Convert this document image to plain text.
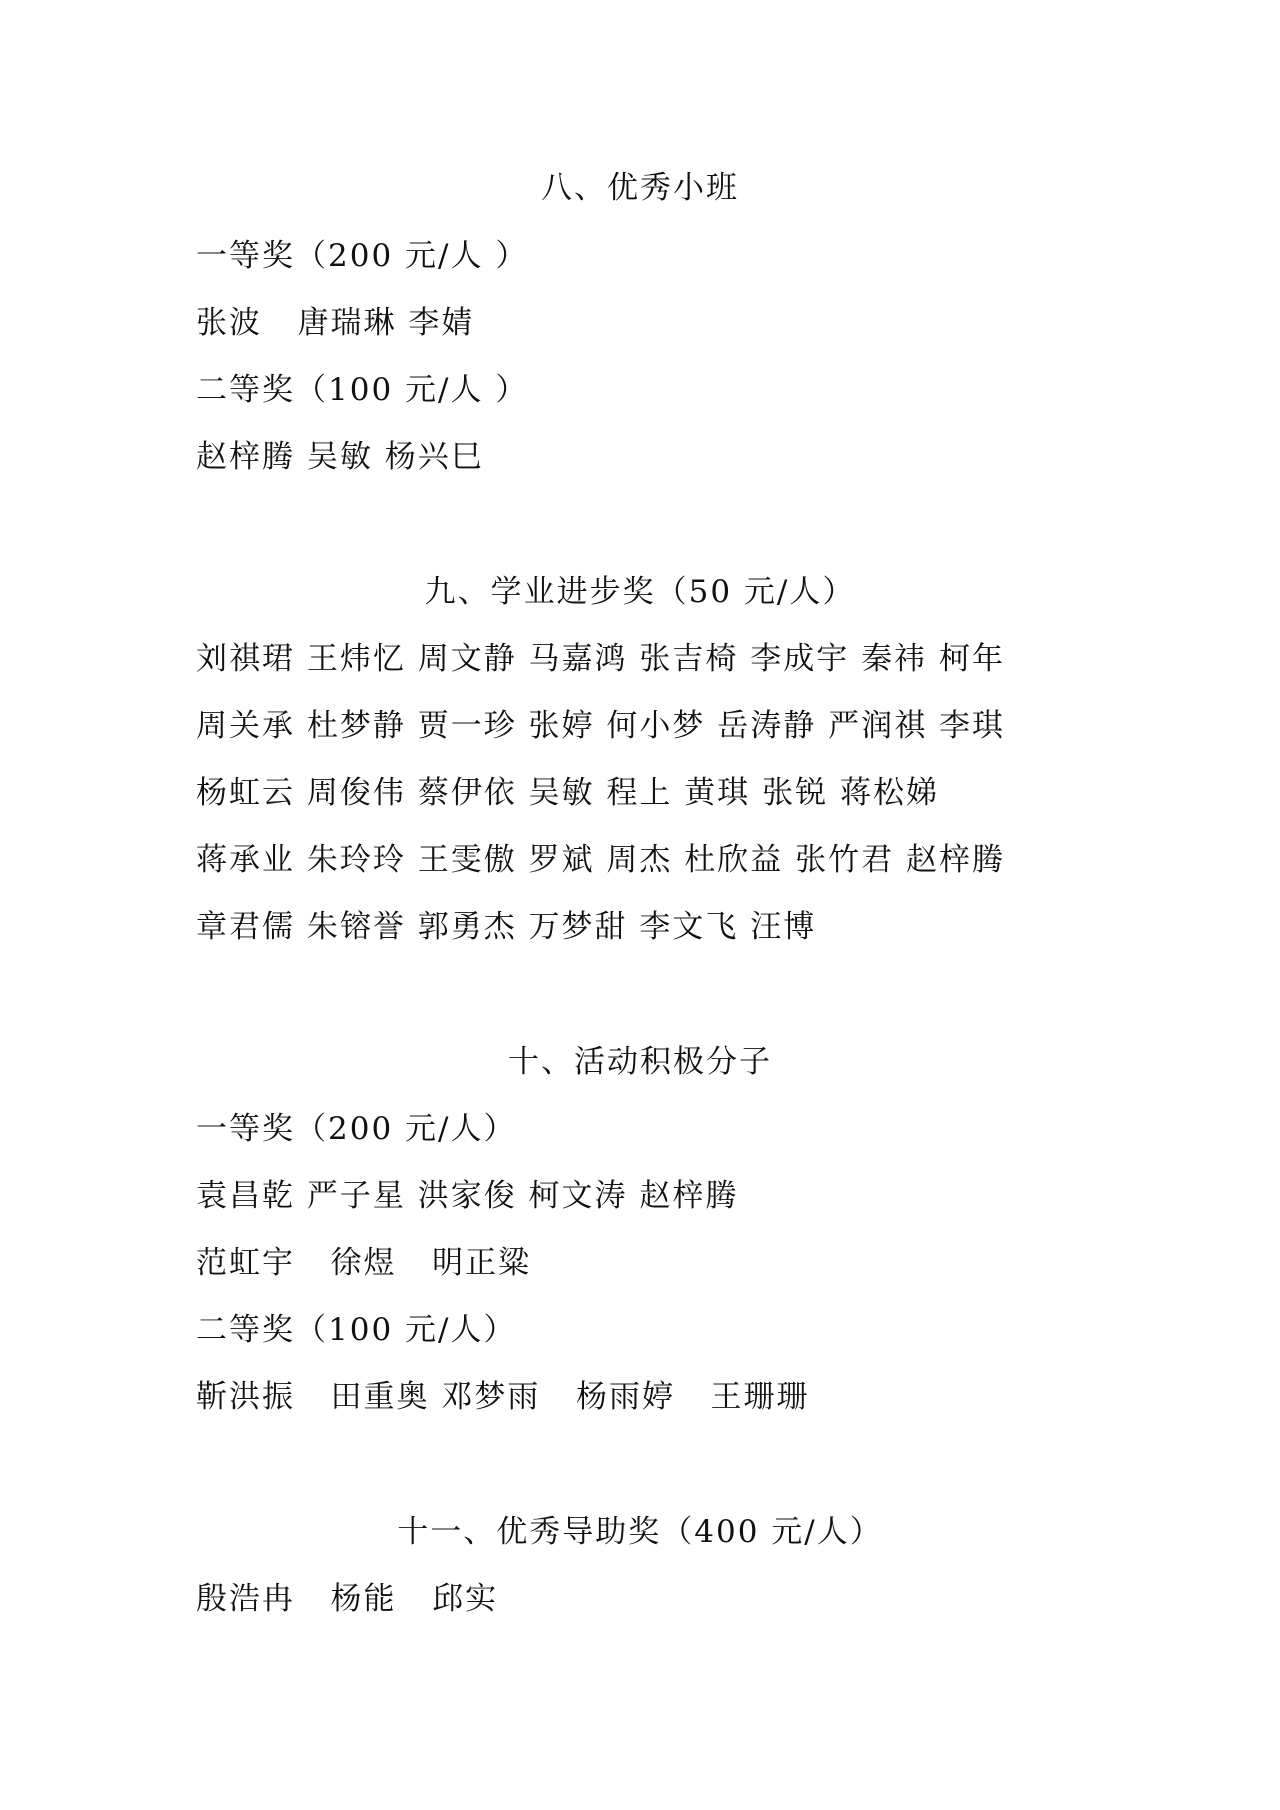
八、优秀小班
一等奖（200 元/人 ）
张波   唐瑞琳 李婧
二等奖（100 元/人 ）
赵梓腾 吴敏 杨兴巳
九、学业进步奖（50 元/人）
刘祺珺 王炜忆 周文静 马嘉鸿 张吉椅 李成宇 秦祎 柯年
周关承 杜梦静 贾一珍 张婷 何小梦 岳涛静 严润祺 李琪
杨虹云 周俊伟 蔡伊依 吴敏 程上 黄琪 张锐 蒋松娣
蒋承业 朱玲玲 王雯傲 罗斌 周杰 杜欣益 张竹君 赵梓腾
章君儒 朱镕誉 郭勇杰 万梦甜 李文飞 汪博
十、活动积极分子
一等奖（200 元/人）
袁昌乾 严子星 洪家俊 柯文涛 赵梓腾
范虹宇   徐煜   明正粱
二等奖（100 元/人）
靳洪振   田重奥 邓梦雨   杨雨婷   王珊珊
十一、优秀导助奖（400 元/人）
殷浩冉   杨能   邱实
